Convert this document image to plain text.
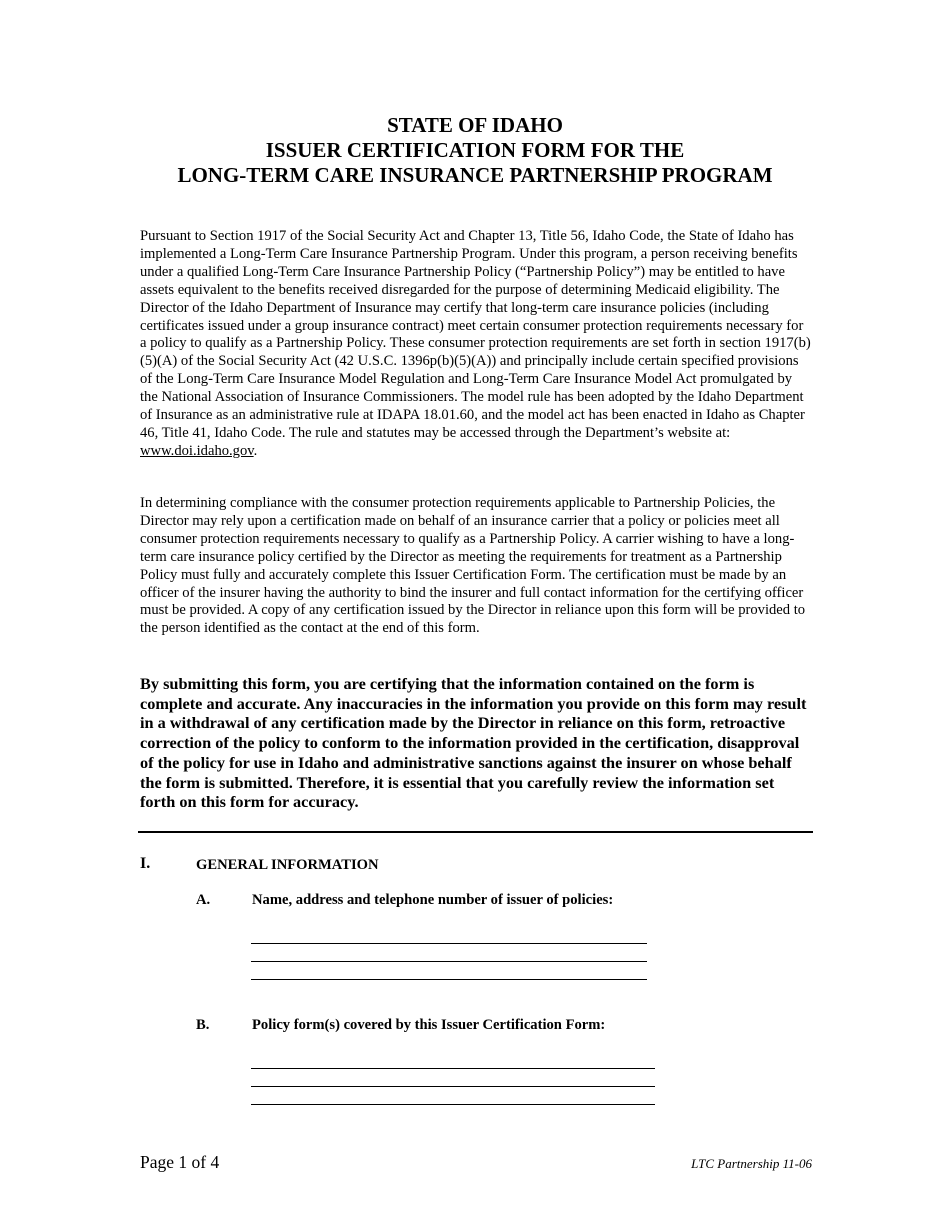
STATE OF IDAHO
ISSUER CERTIFICATION FORM FOR THE
LONG-TERM CARE INSURANCE PARTNERSHIP PROGRAM

Pursuant to Section 1917 of the Social Security Act and Chapter 13, Title 56, Idaho Code, the State of Idaho has implemented a Long-Term Care Insurance Partnership Program. Under this program, a person receiving benefits under a qualified Long-Term Care Insurance Partnership Policy (“Partnership Policy”) may be entitled to have assets equivalent to the benefits received disregarded for the purpose of determining Medicaid eligibility. The Director of the Idaho Department of Insurance may certify that long-term care insurance policies (including certificates issued under a group insurance contract) meet certain consumer protection requirements necessary for a policy to qualify as a Partnership Policy. These consumer protection requirements are set forth in section 1917(b)(5)(A) of the Social Security Act (42 U.S.C. 1396p(b)(5)(A)) and principally include certain specified provisions of the Long-Term Care Insurance Model Regulation and Long-Term Care Insurance Model Act promulgated by the National Association of Insurance Commissioners. The model rule has been adopted by the Idaho Department of Insurance as an administrative rule at IDAPA 18.01.60, and the model act has been enacted in Idaho as Chapter 46, Title 41, Idaho Code. The rule and statutes may be accessed through the Department’s website at: www.doi.idaho.gov.

In determining compliance with the consumer protection requirements applicable to Partnership Policies, the Director may rely upon a certification made on behalf of an insurance carrier that a policy or policies meet all consumer protection requirements necessary to qualify as a Partnership Policy. A carrier wishing to have a long-term care insurance policy certified by the Director as meeting the requirements for treatment as a Partnership Policy must fully and accurately complete this Issuer Certification Form. The certification must be made by an officer of the insurer having the authority to bind the insurer and full contact information for the certifying officer must be provided. A copy of any certification issued by the Director in reliance upon this form will be provided to the person identified as the contact at the end of this form.

By submitting this form, you are certifying that the information contained on the form is complete and accurate. Any inaccuracies in the information you provide on this form may result in a withdrawal of any certification made by the Director in reliance on this form, retroactive correction of the policy to conform to the information provided in the certification, disapproval of the policy for use in Idaho and administrative sanctions against the insurer on whose behalf the form is submitted. Therefore, it is essential that you carefully review the information set forth on this form for accuracy.

I.	GENERAL INFORMATION
A.	Name, address and telephone number of issuer of policies:
B.	Policy form(s) covered by this Issuer Certification Form:
Page 1 of 4	LTC Partnership 11-06
